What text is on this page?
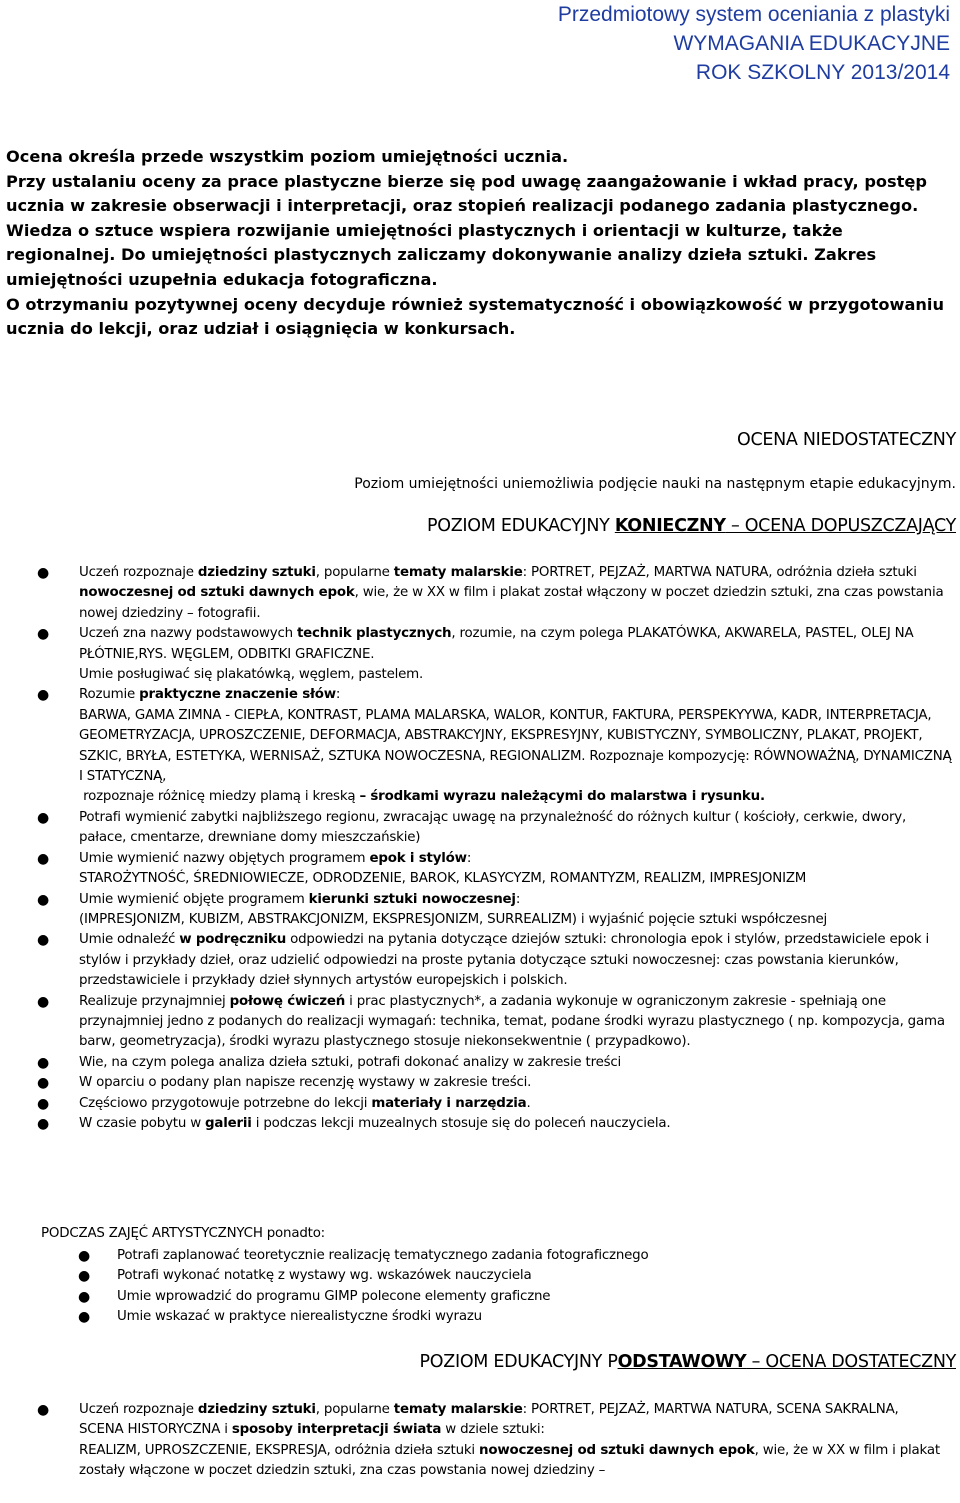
Przedmiotowy system oceniania z plastyki
WYMAGANIA EDUKACYJNE
ROK SZKOLNY 2013/2014

Ocena określa przede wszystkim poziom umiejętności ucznia.

Przy ustalaniu oceny za prace plastyczne bierze się pod uwagę zaangażowanie i wkład pracy, postęp ucznia w zakresie obserwacji i interpretacji, oraz stopień realizacji podanego zadania plastycznego.

Wiedza o sztuce wspiera rozwijanie umiejętności plastycznych i orientacji w kulturze, także regionalnej. Do umiejętności plastycznych zaliczamy dokonywanie analizy dzieła sztuki. Zakres umiejętności uzupełnia edukacja fotograficzna.

O otrzymaniu pozytywnej oceny decyduje również systematyczność i obowiązkowość w przygotowaniu ucznia do lekcji, oraz udział i osiągnięcia w konkursach.

OCENA NIEDOSTATECZNY
Poziom umiejętności uniemożliwia podjęcie nauki na następnym etapie edukacyjnym.
POZIOM EDUKACYJNY KONIECZNY – OCENA DOPUSZCZAJĄCY
● Uczeń rozpoznaje dziedziny sztuki, popularne tematy malarskie: PORTRET, PEJZAŻ, MARTWA NATURA, odróżnia dzieła sztuki nowoczesnej od sztuki dawnych epok, wie, że w XX w film i plakat został włączony w poczet dziedzin sztuki, zna czas powstania nowej dziedziny – fotografii.
● Uczeń zna nazwy podstawowych technik plastycznych, rozumie, na czym polega PLAKATÓWKA, AKWARELA, PASTEL, OLEJ NA PŁÓTNIE,RYS. WĘGLEM, ODBITKI GRAFICZNE.
Umie posługiwać się plakatówką, węglem, pastelem.
● Rozumie praktyczne znaczenie słów:
BARWA, GAMA ZIMNA - CIEPŁA, KONTRAST, PLAMA MALARSKA, WALOR, KONTUR, FAKTURA, PERSPEKYYWA, KADR, INTERPRETACJA, GEOMETRYZACJA, UPROSZCZENIE, DEFORMACJA, ABSTRAKCYJNY, EKSPRESYJNY, KUBISTYCZNY, SYMBOLICZNY, PLAKAT, PROJEKT, SZKIC, BRYŁA, ESTETYKA, WERNISAŻ, SZTUKA NOWOCZESNA, REGIONALIZM. Rozpoznaje kompozycję: RÓWNOWAŻNĄ, DYNAMICZNĄ I STATYCZNĄ,
rozpoznaje różnicę miedzy plamą i kreską – środkami wyrazu należącymi do malarstwa i rysunku.
● Potrafi wymienić zabytki najbliższego regionu, zwracając uwagę na przynależność do różnych kultur ( kościoły, cerkwie, dwory, pałace, cmentarze, drewniane domy mieszczańskie)
● Umie wymienić nazwy objętych programem epok i stylów:
STAROŻYTNOŚĆ, ŚREDNIOWIECZE, ODRODZENIE, BAROK, KLASYCYZM, ROMANTYZM, REALIZM, IMPRESJONIZM
● Umie wymienić objęte programem kierunki sztuki nowoczesnej:
(IMPRESJONIZM, KUBIZM, ABSTRAKCJONIZM, EKSPRESJONIZM, SURREALIZM) i wyjaśnić pojęcie sztuki współczesnej
● Umie odnaleźć w podręczniku odpowiedzi na pytania dotyczące dziejów sztuki: chronologia epok i stylów, przedstawiciele epok i stylów i przykłady dzieł, oraz udzielić odpowiedzi na proste pytania dotyczące sztuki nowoczesnej: czas powstania kierunków, przedstawiciele i przykłady dzieł słynnych artystów europejskich i polskich.
● Realizuje przynajmniej połowę ćwiczeń i prac plastycznych*, a zadania wykonuje w ograniczonym zakresie - spełniają one przynajmniej jedno z podanych do realizacji wymagań: technika, temat, podane środki wyrazu plastycznego ( np. kompozycja, gama barw, geometryzacja), środki wyrazu plastycznego stosuje niekonsekwentnie ( przypadkowo).
● Wie, na czym polega analiza dzieła sztuki, potrafi dokonać analizy w zakresie treści
● W oparciu o podany plan napisze recenzję wystawy w zakresie treści.
● Częściowo przygotowuje potrzebne do lekcji materiały i narzędzia.
● W czasie pobytu w galerii i podczas lekcji muzealnych stosuje się do poleceń nauczyciela.
PODCZAS ZAJĘĆ ARTYSTYCZNYCH ponadto:
● Potrafi zaplanować teoretycznie realizację tematycznego zadania fotograficznego
● Potrafi wykonać notatkę z wystawy wg. wskazówek nauczyciela
● Umie wprowadzić do programu GIMP polecone elementy graficzne
● Umie wskazać w praktyce nierealistyczne środki wyrazu
POZIOM EDUKACYJNY PODSTAWOWY – OCENA DOSTATECZNY
● Uczeń rozpoznaje dziedziny sztuki, popularne tematy malarskie: PORTRET, PEJZAŻ, MARTWA NATURA, SCENA SAKRALNA,
SCENA HISTORYCZNA i sposoby interpretacji świata w dziele sztuki:
REALIZM, UPROSZCZENIE, EKSPRESJA, odróżnia dzieła sztuki nowoczesnej od sztuki dawnych epok, wie, że w XX w film i plakat zostały włączone w poczet dziedzin sztuki, zna czas powstania nowej dziedziny –
